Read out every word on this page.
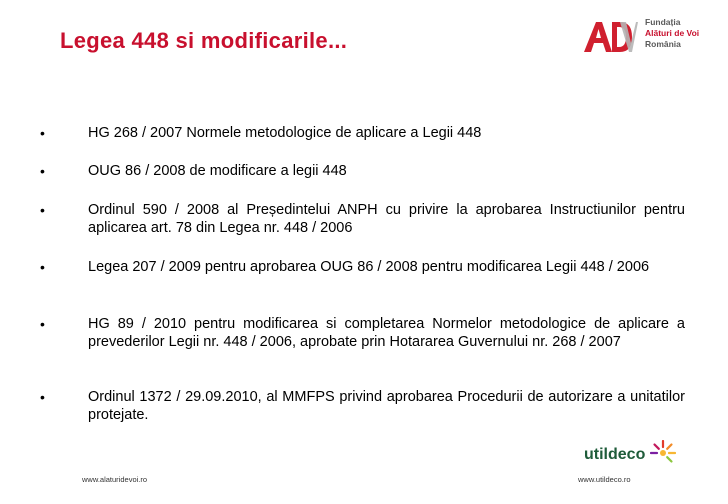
Legea 448 si modificarile...
Fundația
Alături de Voi
România
•	HG 268 / 2007 Normele metodologice de aplicare a Legii 448
•	OUG 86 / 2008 de modificare a legii 448
•	Ordinul 590 / 2008 al Președintelui ANPH cu privire la aprobarea Instructiunilor pentru aplicarea art. 78 din Legea nr. 448 / 2006
•	Legea 207 / 2009 pentru aprobarea OUG 86 / 2008 pentru modificarea Legii 448 / 2006
•	HG 89 / 2010 pentru modificarea si completarea Normelor metodologice de aplicare a prevederilor Legii nr. 448 / 2006, aprobate prin Hotararea Guvernului nr. 268 / 2007
•	Ordinul 1372 / 29.09.2010, al MMFPS privind aprobarea Procedurii de autorizare a unitatilor protejate.
www.alaturidevoi.ro
utildeco
www.utildeco.ro
